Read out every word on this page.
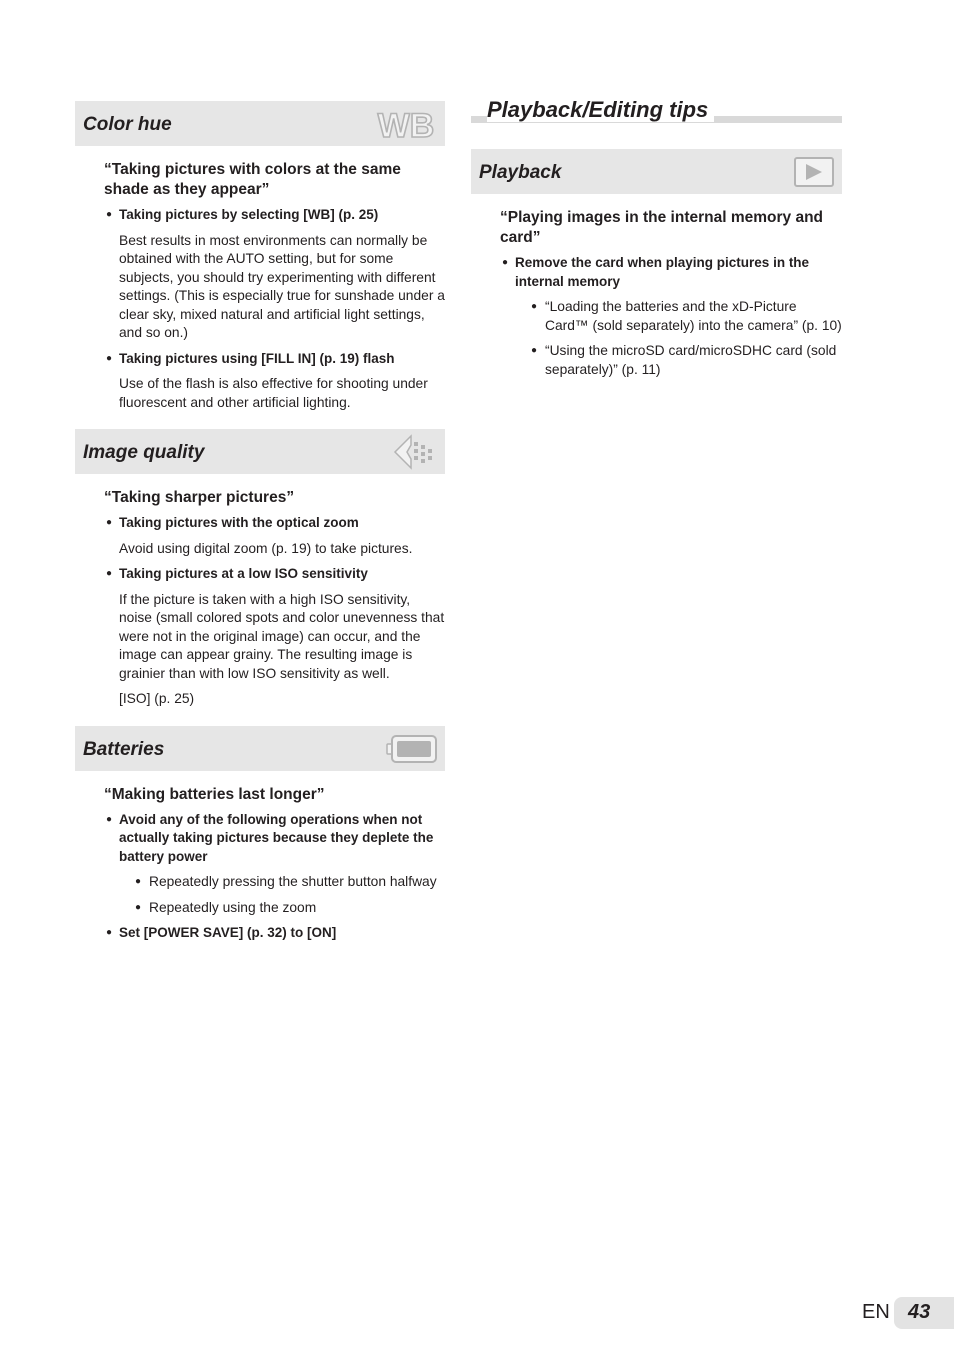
Color hue	WB
“Taking pictures with colors at the same shade as they appear”
● Taking pictures by selecting [WB] (p. 25)
Best results in most environments can normally be obtained with the AUTO setting, but for some subjects, you should try experimenting with different settings. (This is especially true for sunshade under a clear sky, mixed natural and artificial light settings, and so on.)
● Taking pictures using [FILL IN] (p. 19) flash
Use of the flash is also effective for shooting under fluorescent and other artificial lighting.
Image quality
“Taking sharper pictures”
● Taking pictures with the optical zoom
Avoid using digital zoom (p. 19) to take pictures.
● Taking pictures at a low ISO sensitivity
If the picture is taken with a high ISO sensitivity, noise (small colored spots and color unevenness that were not in the original image) can occur, and the image can appear grainy. The resulting image is grainier than with low ISO sensitivity as well.
[ISO] (p. 25)
Batteries
“Making batteries last longer”
● Avoid any of the following operations when not actually taking pictures because they deplete the battery power
● Repeatedly pressing the shutter button halfway
● Repeatedly using the zoom
● Set [POWER SAVE] (p. 32) to [ON]
Playback/Editing tips
Playback
“Playing images in the internal memory and card”
● Remove the card when playing pictures in the internal memory
● “Loading the batteries and the xD-Picture Card™ (sold separately) into the camera” (p. 10)
● “Using the microSD card/microSDHC card (sold separately)” (p. 11)
EN 43
